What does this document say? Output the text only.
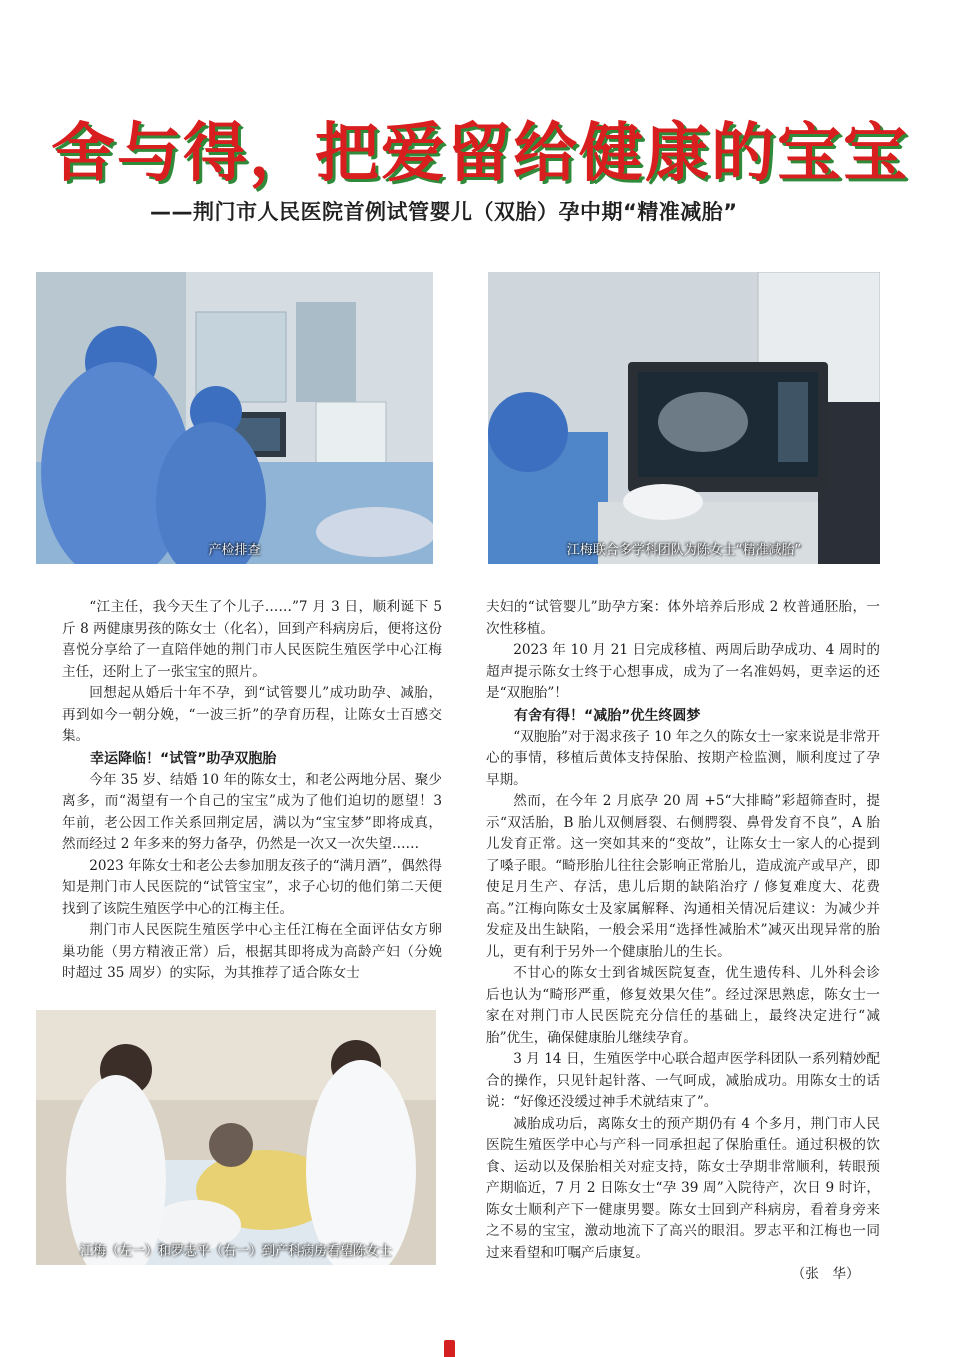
舍与得，把爱留给健康的宝宝
——荆门市人民医院首例试管婴儿（双胎）孕中期“精准减胎”
产检排查	江梅联合多学科团队为陈女士“精准减胎”
江梅（左一）和罗志平（右一）到产科病房看望陈女士

“江主任，我今天生了个儿子……”7 月 3 日，顺利诞下 5 斤 8 两健康男孩的陈女士（化名），回到产科病房后，便将这份喜悦分享给了一直陪伴她的荆门市人民医院生殖医学中心江梅主任，还附上了一张宝宝的照片。

回想起从婚后十年不孕，到“试管婴儿”成功助孕、减胎，再到如今一朝分娩，“一波三折”的孕育历程，让陈女士百感交集。

幸运降临！“试管”助孕双胞胎

今年 35 岁、结婚 10 年的陈女士，和老公两地分居、聚少离多，而“渴望有一个自己的宝宝”成为了他们迫切的愿望！3 年前，老公因工作关系回荆定居，满以为“宝宝梦”即将成真，然而经过 2 年多来的努力备孕，仍然是一次又一次失望……

2023 年陈女士和老公去参加朋友孩子的“满月酒”，偶然得知是荆门市人民医院的“试管宝宝”，求子心切的他们第二天便找到了该院生殖医学中心的江梅主任。

荆门市人民医院生殖医学中心主任江梅在全面评估女方卵巢功能（男方精液正常）后，根据其即将成为高龄产妇（分娩时超过 35 周岁）的实际，为其推荐了适合陈女士

夫妇的“试管婴儿”助孕方案：体外培养后形成 2 枚普通胚胎，一次性移植。

2023 年 10 月 21 日完成移植、两周后助孕成功、4 周时的超声提示陈女士终于心想事成，成为了一名准妈妈，更幸运的还是“双胞胎”！

有舍有得！“减胎”优生终圆梦

“双胞胎”对于渴求孩子 10 年之久的陈女士一家来说是非常开心的事情，移植后黄体支持保胎、按期产检监测，顺利度过了孕早期。

然而，在今年 2 月底孕 20 周 +5“大排畸”彩超筛查时，提示“双活胎，B 胎儿双侧唇裂、右侧腭裂、鼻骨发育不良”，A 胎儿发育正常。这一突如其来的“变故”，让陈女士一家人的心提到了嗓子眼。“畸形胎儿往往会影响正常胎儿，造成流产或早产，即使足月生产、存活，患儿后期的缺陷治疗 / 修复难度大、花费高。”江梅向陈女士及家属解释、沟通相关情况后建议：为减少并发症及出生缺陷，一般会采用“选择性减胎术”减灭出现异常的胎儿，更有利于另外一个健康胎儿的生长。

不甘心的陈女士到省城医院复查，优生遗传科、儿外科会诊后也认为“畸形严重，修复效果欠佳”。经过深思熟虑，陈女士一家在对荆门市人民医院充分信任的基础上，最终决定进行“减胎”优生，确保健康胎儿继续孕育。

3 月 14 日，生殖医学中心联合超声医学科团队一系列精妙配合的操作，只见针起针落、一气呵成，减胎成功。用陈女士的话说：“好像还没缓过神手术就结束了”。

减胎成功后，离陈女士的预产期仍有 4 个多月，荆门市人民医院生殖医学中心与产科一同承担起了保胎重任。通过积极的饮食、运动以及保胎相关对症支持，陈女士孕期非常顺利，转眼预产期临近，7 月 2 日陈女士“孕 39 周”入院待产，次日 9 时许，陈女士顺利产下一健康男婴。陈女士回到产科病房，看着身旁来之不易的宝宝，激动地流下了高兴的眼泪。罗志平和江梅也一同过来看望和叮嘱产后康复。

（张　华）
